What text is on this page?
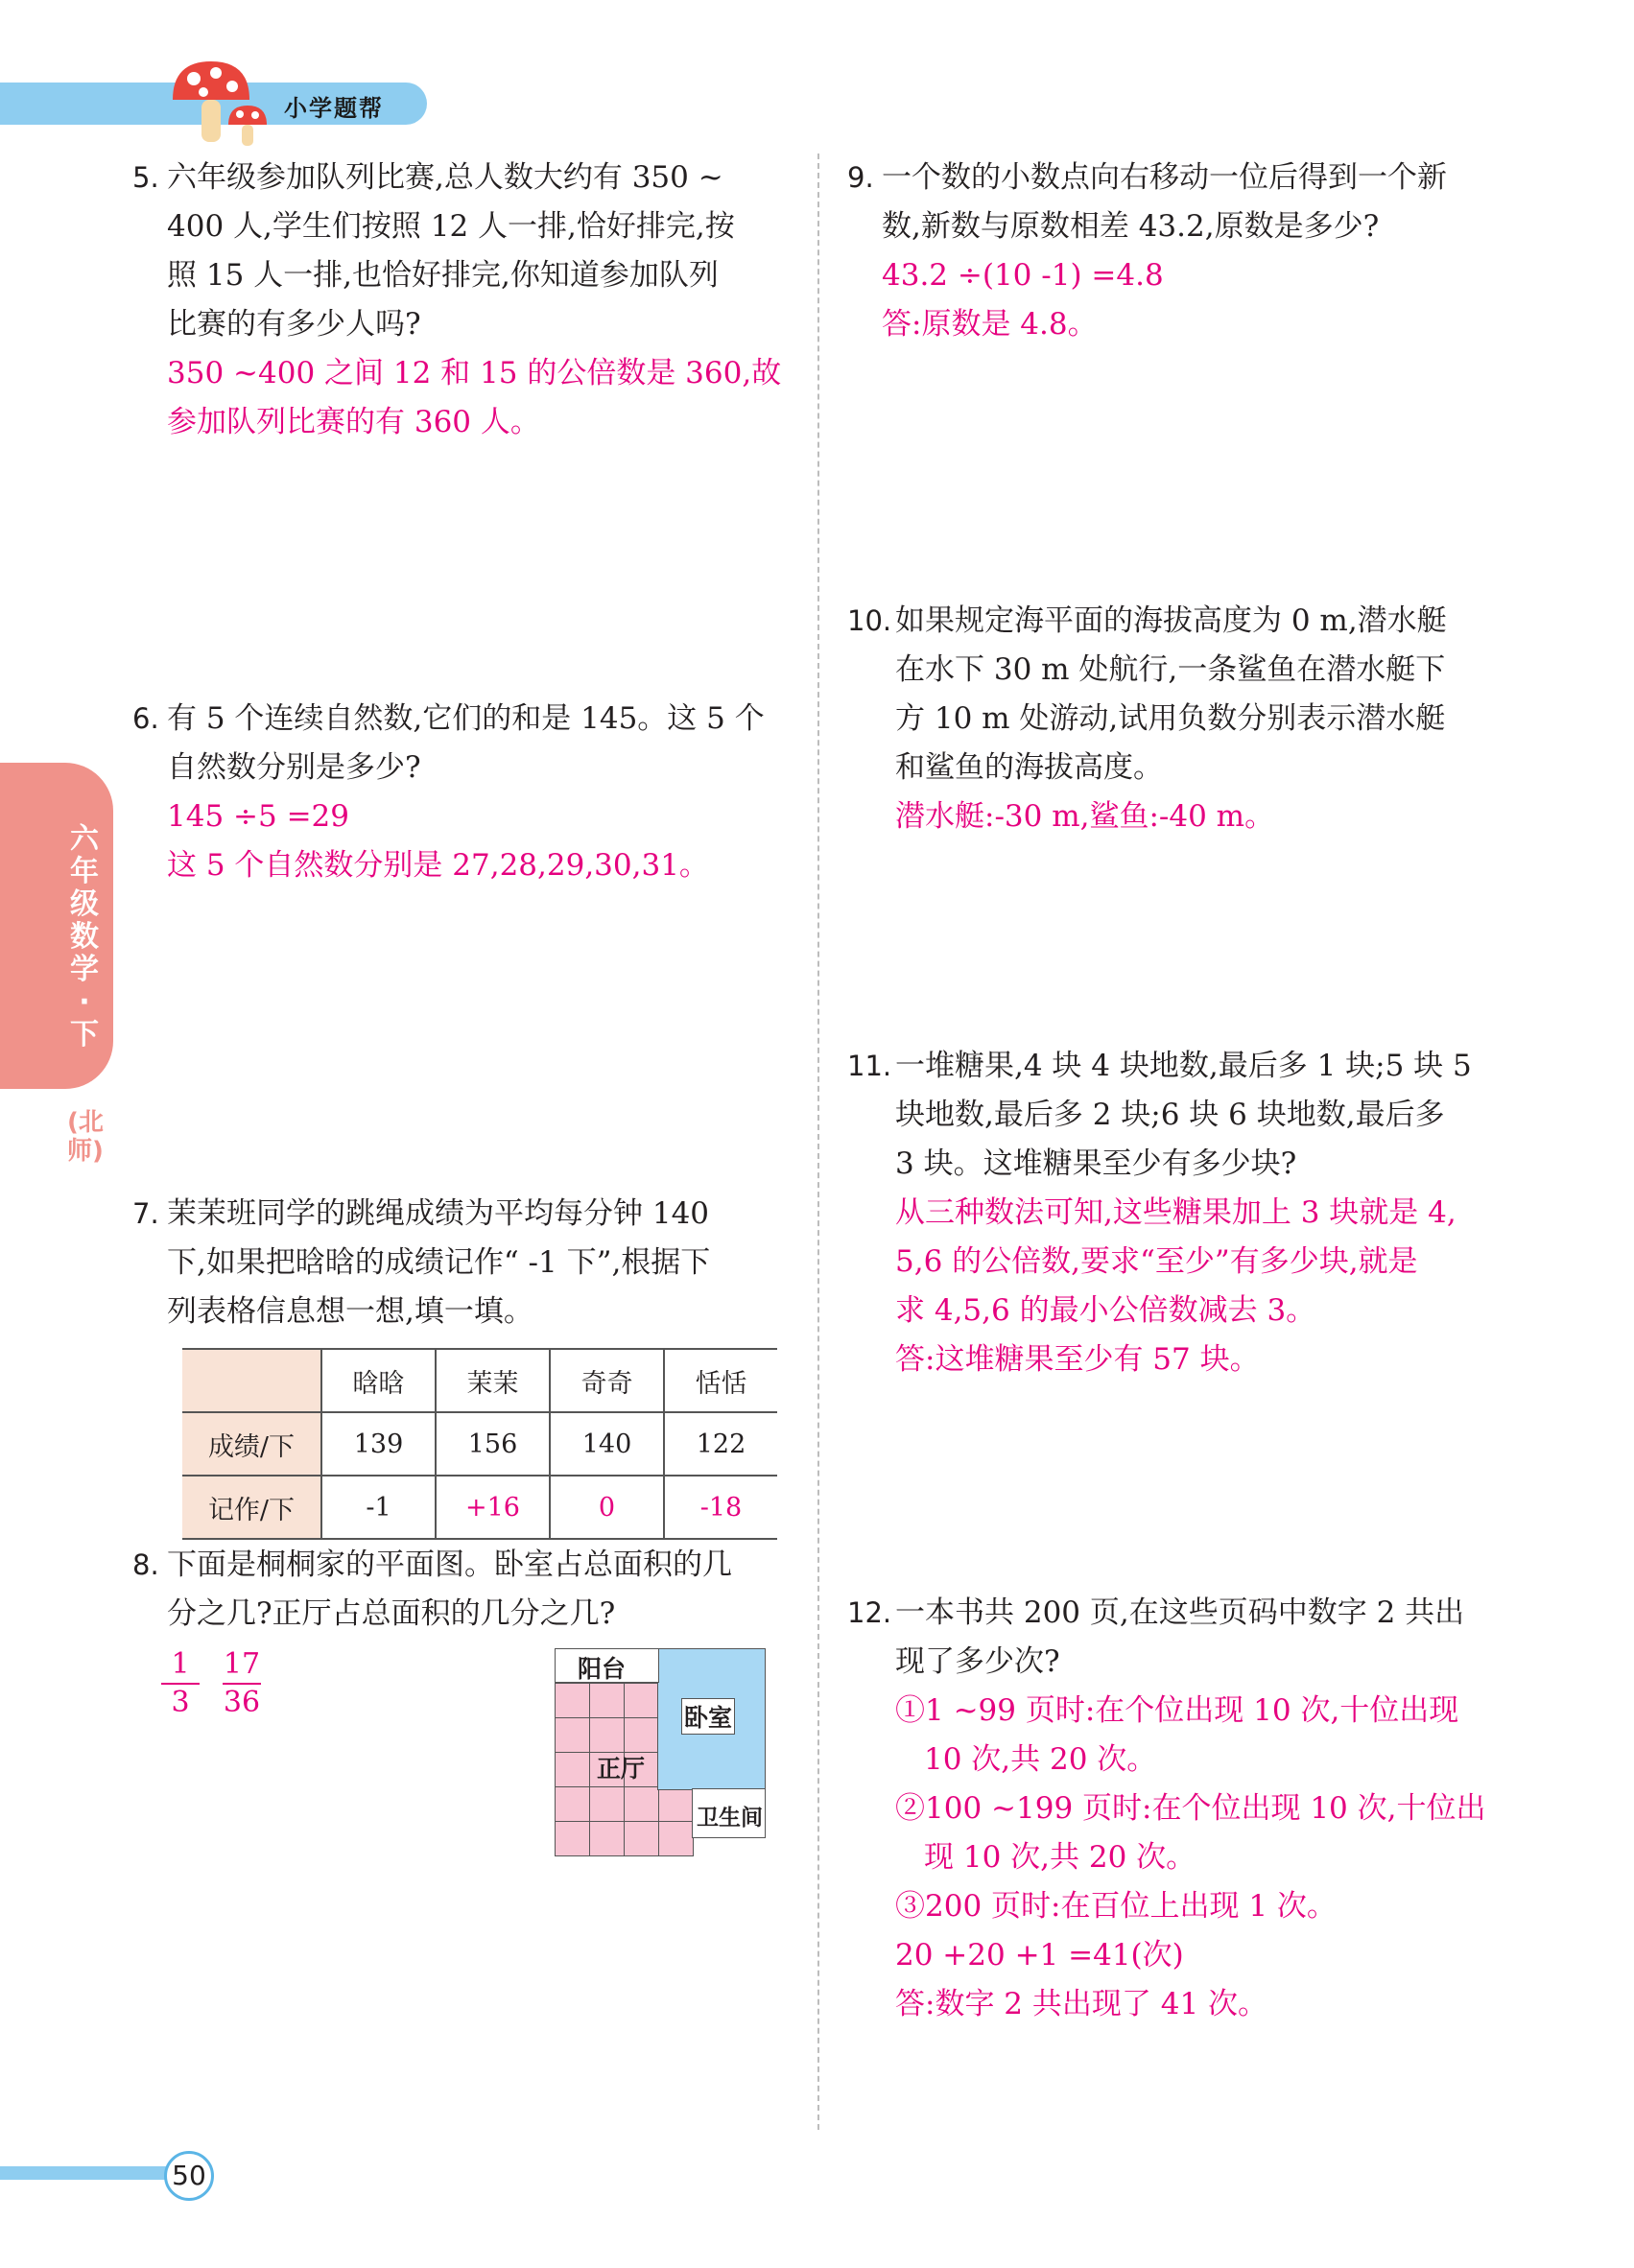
小学题帮
六年级数学·下
(北师)
5. 六年级参加队列比赛,总人数大约有 350 ~
400 人,学生们按照 12 人一排,恰好排完,按
照 15 人一排,也恰好排完,你知道参加队列
比赛的有多少人吗?
350 ~400 之间 12 和 15 的公倍数是 360,故
参加队列比赛的有 360 人。
6. 有 5 个连续自然数,它们的和是 145。这 5 个
自然数分别是多少?
145 ÷5 =29
这 5 个自然数分别是 27,28,29,30,31。
7. 茉茉班同学的跳绳成绩为平均每分钟 140
下,如果把晗晗的成绩记作“ -1 下”,根据下
列表格信息想一想,填一填。
	晗晗	茉茉	奇奇	恬恬
成绩/下	139	156	140	122
记作/下	-1	+16	0	-18
8. 下面是桐桐家的平面图。卧室占总面积的几
分之几?正厅占总面积的几分之几?
$\frac{1}{3} \frac{17}{36}$	阳台
卧室
正厅
卫生间
9. 一个数的小数点向右移动一位后得到一个新
数,新数与原数相差 43.2,原数是多少?
43.2 ÷(10 -1) =4.8
答:原数是 4.8。
10. 如果规定海平面的海拔高度为 0 m,潜水艇
在水下 30 m 处航行,一条鲨鱼在潜水艇下
方 10 m 处游动,试用负数分别表示潜水艇
和鲨鱼的海拔高度。
潜水艇:-30 m,鲨鱼:-40 m。
11. 一堆糖果,4 块 4 块地数,最后多 1 块;5 块 5
块地数,最后多 2 块;6 块 6 块地数,最后多
3 块。这堆糖果至少有多少块?
从三种数法可知,这些糖果加上 3 块就是 4,
5,6 的公倍数,要求“至少”有多少块,就是
求 4,5,6 的最小公倍数减去 3。
答:这堆糖果至少有 57 块。
12. 一本书共 200 页,在这些页码中数字 2 共出
现了多少次?
①1 ~99 页时:在个位出现 10 次,十位出现
10 次,共 20 次。
②100 ~199 页时:在个位出现 10 次,十位出
现 10 次,共 20 次。
③200 页时:在百位上出现 1 次。
20 +20 +1 =41(次)
答:数字 2 共出现了 41 次。
50
